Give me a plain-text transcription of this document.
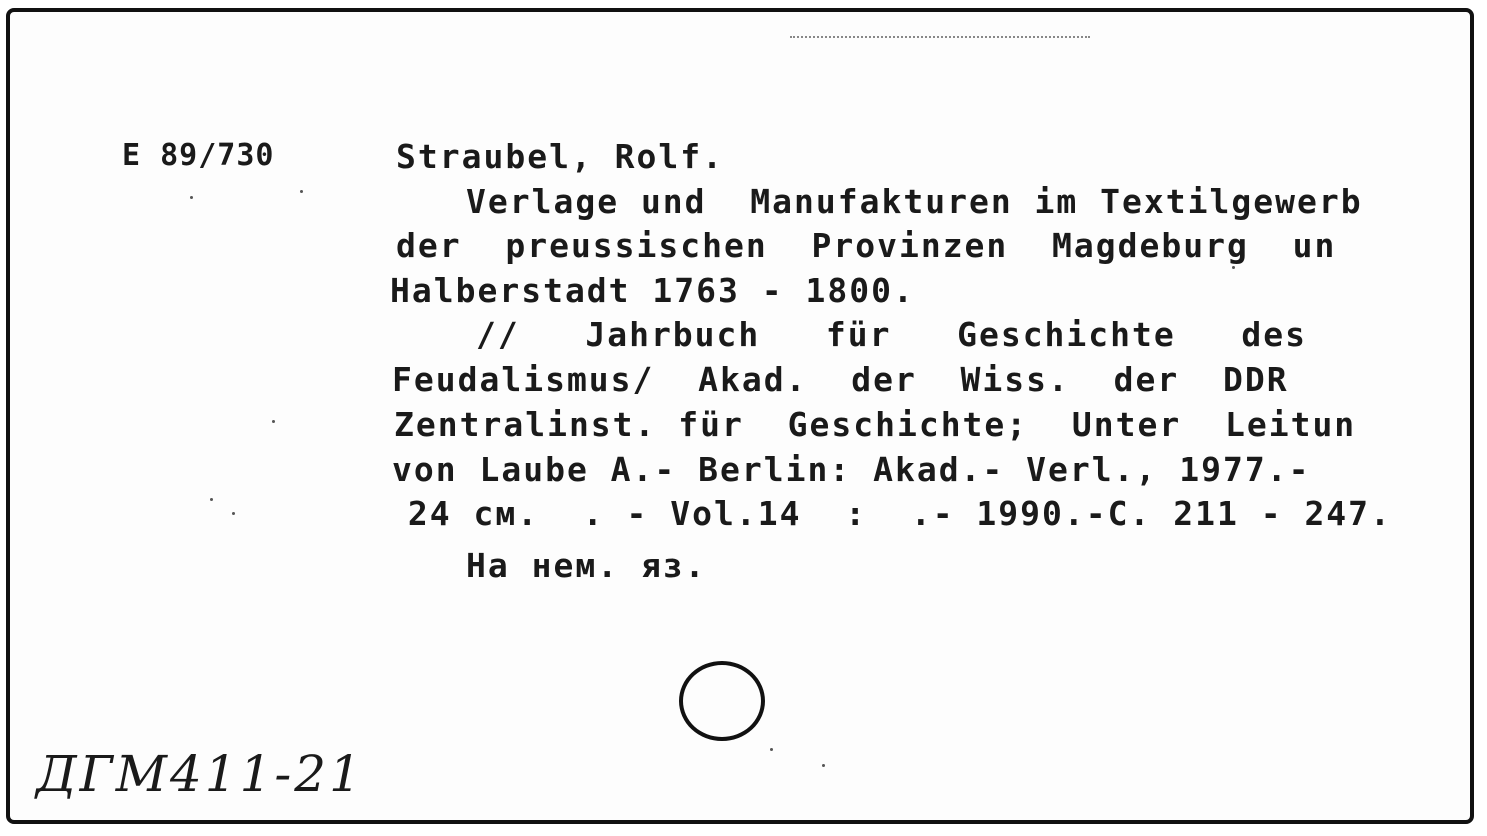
E 89/730	Straubel, Rolf.
Verlage und  Manufakturen im Textilgewerb
der  preussischen  Provinzen  Magdeburg  un
Halberstadt 1763 - 1800.
//   Jahrbuch   für   Geschichte   des
Feudalismus/  Akad.  der  Wiss.  der  DDR
Zentralinst. für  Geschichte;  Unter  Leitun
von Laube A.- Berlin: Akad.- Verl., 1977.-
24 см.  . - Vol.14  :  .- 1990.-С. 211 - 247.
На нем. яз.
ДГМ411-21
